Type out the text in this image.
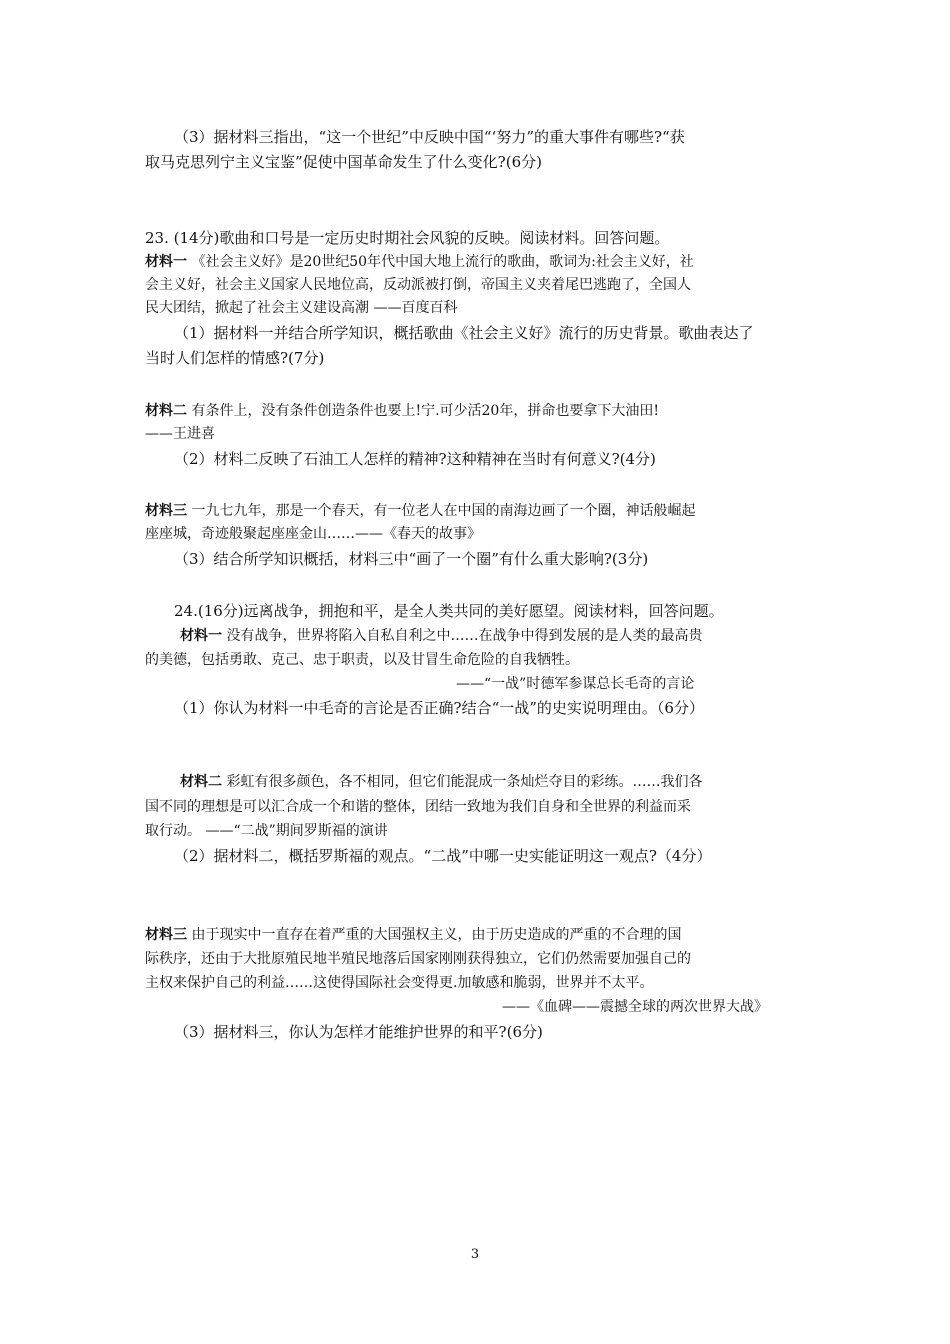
（3）据材料三指出，“这一个世纪”中反映中国“‘努力”的重大事件有哪些?“获
取马克思列宁主义宝鉴”促使中国革命发生了什么变化?(6分)
23. (14分)歌曲和口号是一定历史时期社会风貌的反映。阅读材料。回答问题。
材料一 《社会主义好》是20世纪50年代中国大地上流行的歌曲，歌词为:社会主义好，社
会主义好，社会主义国家人民地位高，反动派被打倒，帝国主义夹着尾巴逃跑了，全国人
民大团结，掀起了社会主义建设高潮 ——百度百科
（1）据材料一并结合所学知识，概括歌曲《社会主义好》流行的历史背景。歌曲表达了
当时人们怎样的情感?(7分)
材料二 有条件上，没有条件创造条件也要上!宁.可少活20年，拼命也要拿下大油田!
——王进喜
（2）材料二反映了石油工人怎样的精神?这种精神在当时有何意义?(4分)
材料三 一九七九年，那是一个春天，有一位老人在中国的南海边画了一个圈，神话般崛起
座座城，奇迹般聚起座座金山……——《春天的故事》
（3）结合所学知识概括，材料三中“画了一个圈”有什么重大影响?(3分)
24.(16分)远离战争，拥抱和平，是全人类共同的美好愿望。阅读材料，回答问题。
材料一 没有战争，世界将陷入自私自利之中……在战争中得到发展的是人类的最高贵
的美德，包括勇敢、克己、忠于职责，以及甘冒生命危险的自我牺牲。
——“一战”时德军参谋总长毛奇的言论
（1）你认为材料一中毛奇的言论是否正确?结合“一战”的史实说明理由。（6分）
材料二 彩虹有很多颜色，各不相同，但它们能混成一条灿烂夺目的彩练。……我们各
国不同的理想是可以汇合成一个和谐的整体，团结一致地为我们自身和全世界的利益而采
取行动。 ——“二战”期间罗斯福的演讲
（2）据材料二，概括罗斯福的观点。“二战”中哪一史实能证明这一观点?（4分）
材料三 由于现实中一直存在着严重的大国强权主义，由于历史造成的严重的不合理的国
际秩序，还由于大批原殖民地半殖民地落后国家刚刚获得独立，它们仍然需要加强自己的
主权来保护自己的利益……这使得国际社会变得更.加敏感和脆弱，世界并不太平。
——《血碑——震撼全球的两次世界大战》
（3）据材料三，你认为怎样才能维护世界的和平?(6分)
3
